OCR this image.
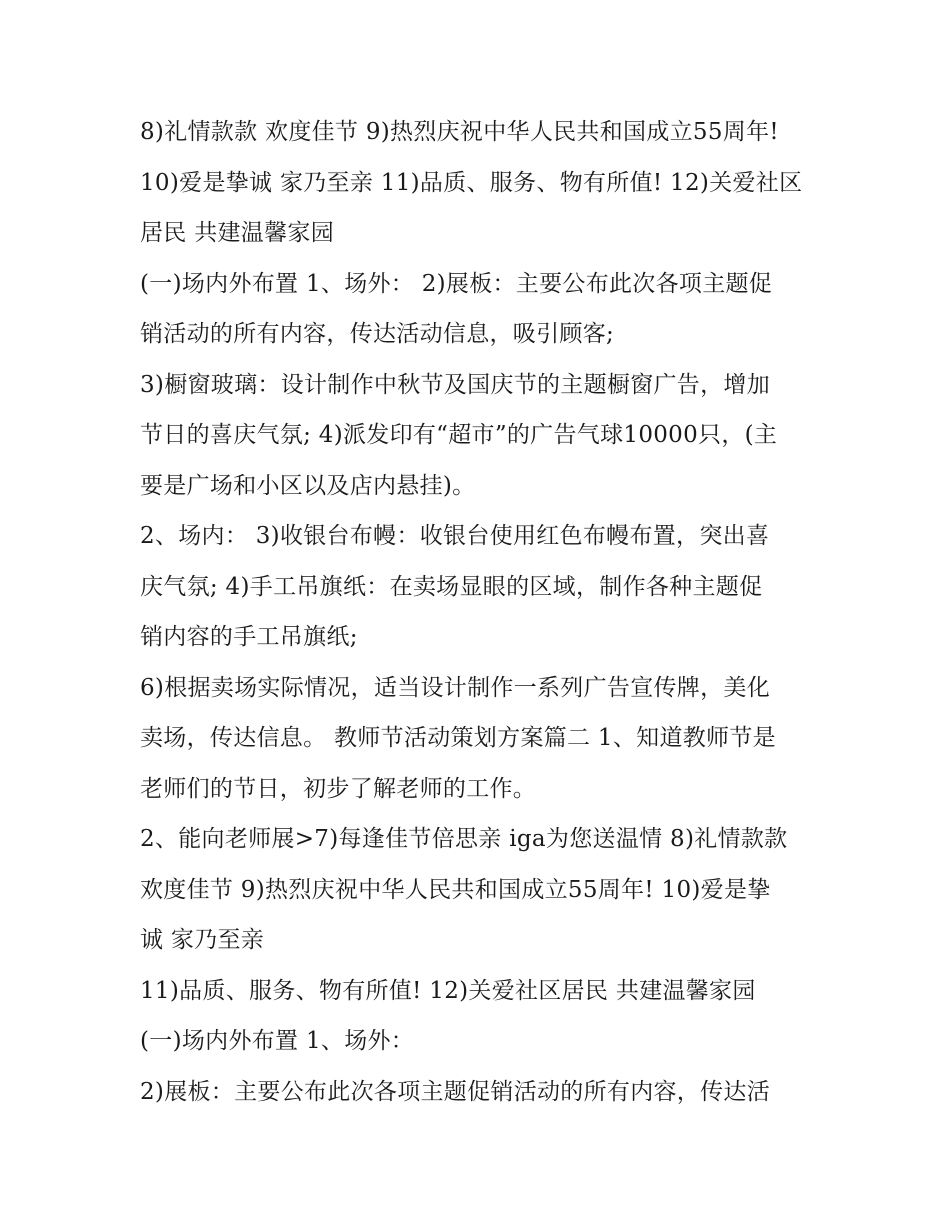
8)礼情款款 欢度佳节 9)热烈庆祝中华人民共和国成立55周年!
10)爱是挚诚 家乃至亲 11)品质、服务、物有所值! 12)关爱社区
居民 共建温馨家园
(一)场内外布置 1、场外： 2)展板：主要公布此次各项主题促
销活动的所有内容，传达活动信息，吸引顾客;
3)橱窗玻璃：设计制作中秋节及国庆节的主题橱窗广告，增加
节日的喜庆气氛; 4)派发印有“超市”的广告气球10000只，(主
要是广场和小区以及店内悬挂)。
2、场内： 3)收银台布幔：收银台使用红色布幔布置，突出喜
庆气氛; 4)手工吊旗纸：在卖场显眼的区域，制作各种主题促
销内容的手工吊旗纸;
6)根据卖场实际情况，适当设计制作一系列广告宣传牌，美化
卖场，传达信息。 教师节活动策划方案篇二 1、知道教师节是
老师们的节日，初步了解老师的工作。
2、能向老师展>7)每逢佳节倍思亲 iga为您送温情 8)礼情款款
欢度佳节 9)热烈庆祝中华人民共和国成立55周年! 10)爱是挚
诚 家乃至亲
11)品质、服务、物有所值! 12)关爱社区居民 共建温馨家园
(一)场内外布置 1、场外：
2)展板：主要公布此次各项主题促销活动的所有内容，传达活
